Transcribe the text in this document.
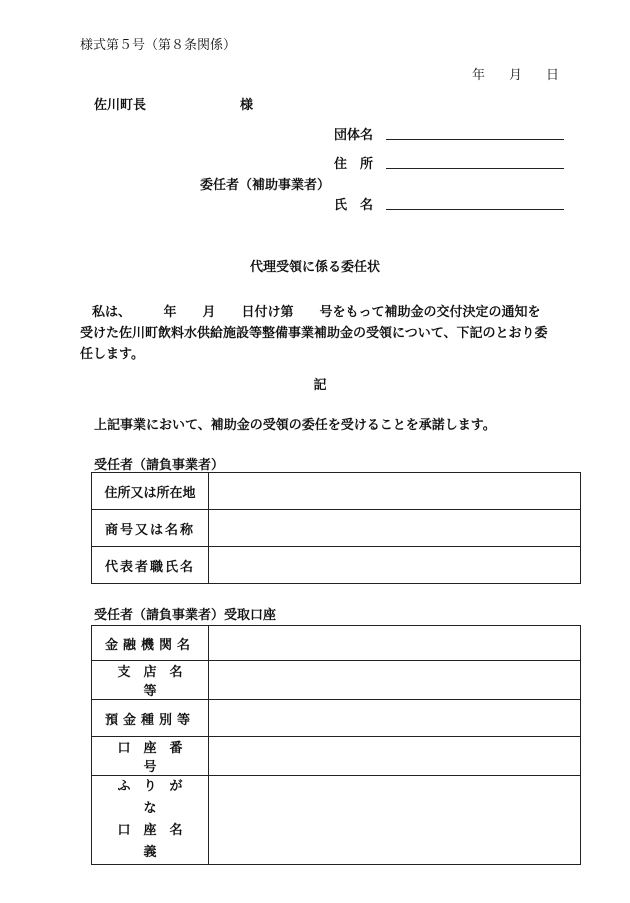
様式第５号（第８条関係）
年 月 日
佐川町長	様
団体名
住　所
委任者（補助事業者）
氏　名
代理受領に係る委任状
私は、　　　年　　月　　日付け第　　号をもって補助金の交付決定の通知を
受けた佐川町飲料水供給施設等整備事業補助金の受領について、下記のとおり委
任します。
記
上記事業において、補助金の受領の委任を受けることを承諾します。
受任者（請負事業者）
住所又は所在地	
商号又は名称	
代表者職氏名	
受任者（請負事業者）受取口座
金融機関名	
支店名等	
預金種別等	
口座番号	

ふりがな
口座名義	
